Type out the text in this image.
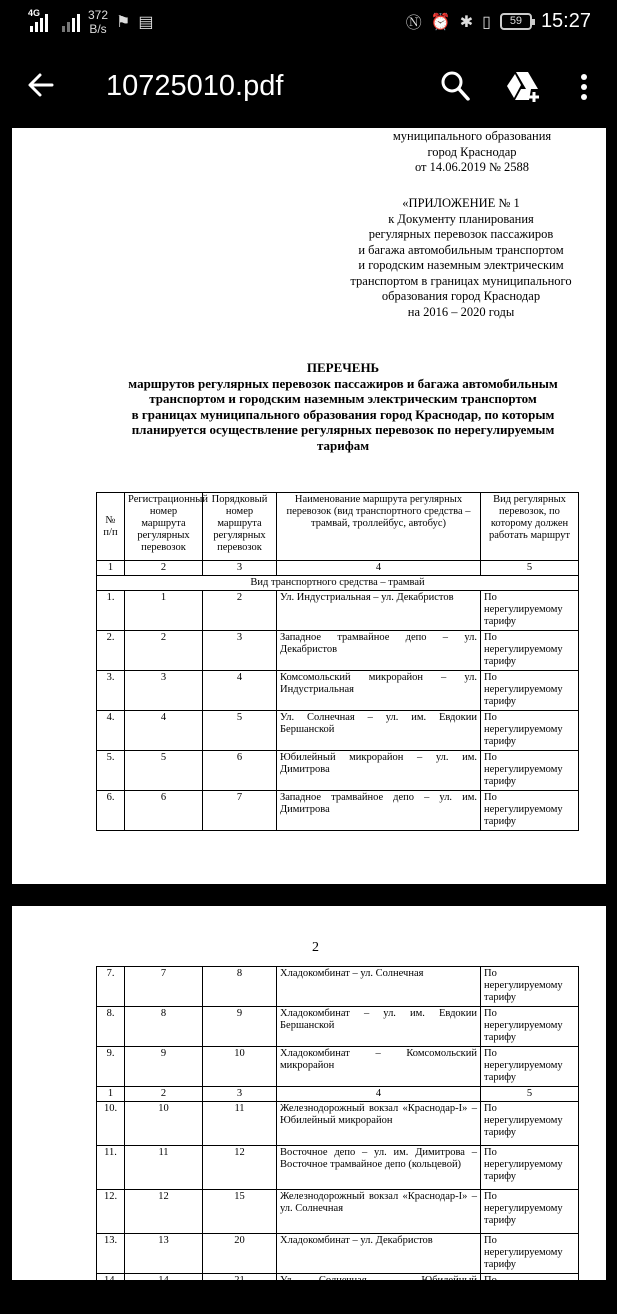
4G	372
B/s ⚑ ▤	Ⓝ ⏰ ✱ ▯	59 15:27
10725010.pdf
ПРИЛОЖЕНИЕ № 1
к постановлению администрации
муниципального образования
город Краснодар
от 14.06.2019 № 2588
«ПРИЛОЖЕНИЕ № 1
к Документу планирования
регулярных перевозок пассажиров
и багажа автомобильным транспортом
и городским наземным электрическим
транспортом в границах муниципального
образования город Краснодар
на 2016 – 2020 годы
ПЕРЕЧЕНЬ
маршрутов регулярных перевозок пассажиров и багажа автомобильным
транспортом и городским наземным электрическим транспортом
в границах муниципального образования город Краснодар, по которым
планируется осуществление регулярных перевозок по нерегулируемым
тарифам
№ п/п	Регистрационный номер маршрута регулярных перевозок	Порядковый номер маршрута регулярных перевозок	Наименование маршрута регулярных перевозок (вид транспортного средства – трамвай, троллейбус, автобус)	Вид регулярных перевозок, по которому должен работать маршрут
1	2	3	4	5
Вид транспортного средства – трамвай				
1.	1	2	Ул. Индустриальная – ул. Декабристов	По нерегулируемому тарифу
2.	2	3	Западное трамвайное депо – ул. Декабристов	По нерегулируемому тарифу
3.	3	4	Комсомольский микрорайон – ул. Индустриальная	По нерегулируемому тарифу
4.	4	5	Ул. Солнечная – ул. им. Евдокии Бершанской	По нерегулируемому тарифу
5.	5	6	Юбилейный микрорайон – ул. им. Димитрова	По нерегулируемому тарифу
6.	6	7	Западное трамвайное депо – ул. им. Димитрова	По нерегулируемому тарифу
2
7.	7	8	Хладокомбинат – ул. Солнечная	По нерегулируемому тарифу
8.	8	9	Хладокомбинат – ул. им. Евдокии Бершанской	По нерегулируемому тарифу
9.	9	10	Хладокомбинат – Комсомольский микрорайон	По нерегулируемому тарифу
1	2	3	4	5
10.	10	11	Железнодорожный вокзал «Краснодар-I» – Юбилейный микрорайон	По нерегулируемому тарифу
11.	11	12	Восточное депо – ул. им. Димитрова – Восточное трамвайное депо (кольцевой)	По нерегулируемому тарифу
12.	12	15	Железнодорожный вокзал «Краснодар-I» – ул. Солнечная	По нерегулируемому тарифу
13.	13	20	Хладокомбинат – ул. Декабристов	По нерегулируемому тарифу
14.	14	21	Ул. Солнечная – Юбилейный	По
